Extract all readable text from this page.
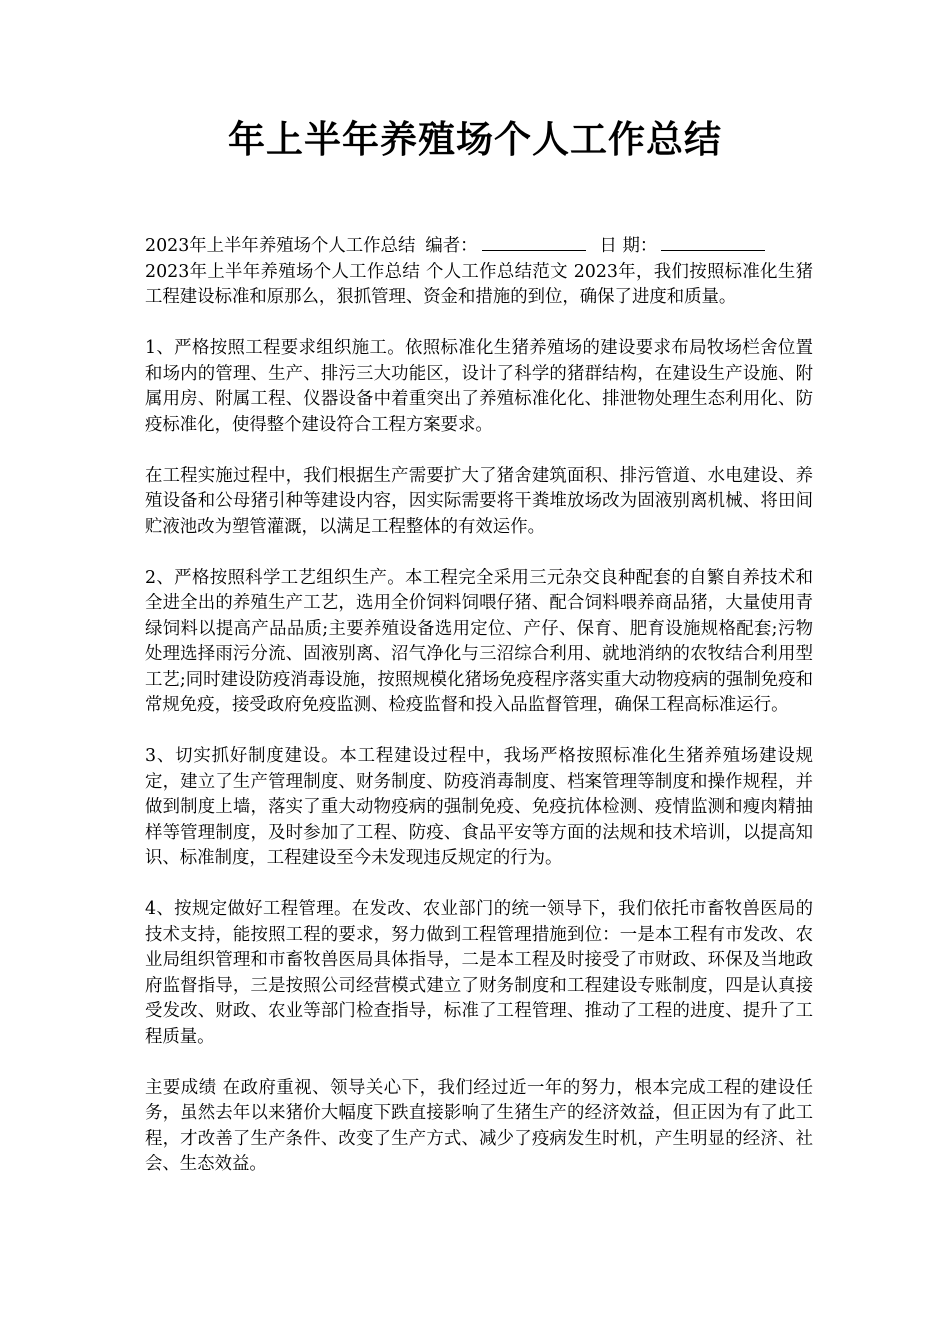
年上半年养殖场个人工作总结
2023年上半年养殖场个人工作总结 编者：	日 期：

2023年上半年养殖场个人工作总结 个人工作总结范文 2023年，我们按照标准化生猪工程建设标准和原那么，狠抓管理、资金和措施的到位，确保了进度和质量。

1、严格按照工程要求组织施工。依照标准化生猪养殖场的建设要求布局牧场栏舍位置和场内的管理、生产、排污三大功能区，设计了科学的猪群结构，在建设生产设施、附属用房、附属工程、仪器设备中着重突出了养殖标准化化、排泄物处理生态利用化、防疫标准化，使得整个建设符合工程方案要求。

在工程实施过程中，我们根据生产需要扩大了猪舍建筑面积、排污管道、水电建设、养殖设备和公母猪引种等建设内容，因实际需要将干粪堆放场改为固液别离机械、将田间贮液池改为塑管灌溉，以满足工程整体的有效运作。

2、严格按照科学工艺组织生产。本工程完全采用三元杂交良种配套的自繁自养技术和全进全出的养殖生产工艺，选用全价饲料饲喂仔猪、配合饲料喂养商品猪，大量使用青绿饲料以提高产品品质;主要养殖设备选用定位、产仔、保育、肥育设施规格配套;污物处理选择雨污分流、固液别离、沼气净化与三沼综合利用、就地消纳的农牧结合利用型工艺;同时建设防疫消毒设施，按照规模化猪场免疫程序落实重大动物疫病的强制免疫和常规免疫，接受政府免疫监测、检疫监督和投入品监督管理，确保工程高标准运行。

3、切实抓好制度建设。本工程建设过程中，我场严格按照标准化生猪养殖场建设规定，建立了生产管理制度、财务制度、防疫消毒制度、档案管理等制度和操作规程，并做到制度上墙，落实了重大动物疫病的强制免疫、免疫抗体检测、疫情监测和瘦肉精抽样等管理制度，及时参加了工程、防疫、食品平安等方面的法规和技术培训，以提高知识、标准制度，工程建设至今未发现违反规定的行为。

4、按规定做好工程管理。在发改、农业部门的统一领导下，我们依托市畜牧兽医局的技术支持，能按照工程的要求，努力做到工程管理措施到位：一是本工程有市发改、农业局组织管理和市畜牧兽医局具体指导，二是本工程及时接受了市财政、环保及当地政府监督指导，三是按照公司经营模式建立了财务制度和工程建设专账制度，四是认真接受发改、财政、农业等部门检查指导，标准了工程管理、推动了工程的进度、提升了工程质量。

主要成绩 在政府重视、领导关心下，我们经过近一年的努力，根本完成工程的建设任务，虽然去年以来猪价大幅度下跌直接影响了生猪生产的经济效益，但正因为有了此工程，才改善了生产条件、改变了生产方式、减少了疫病发生时机，产生明显的经济、社会、生态效益。
